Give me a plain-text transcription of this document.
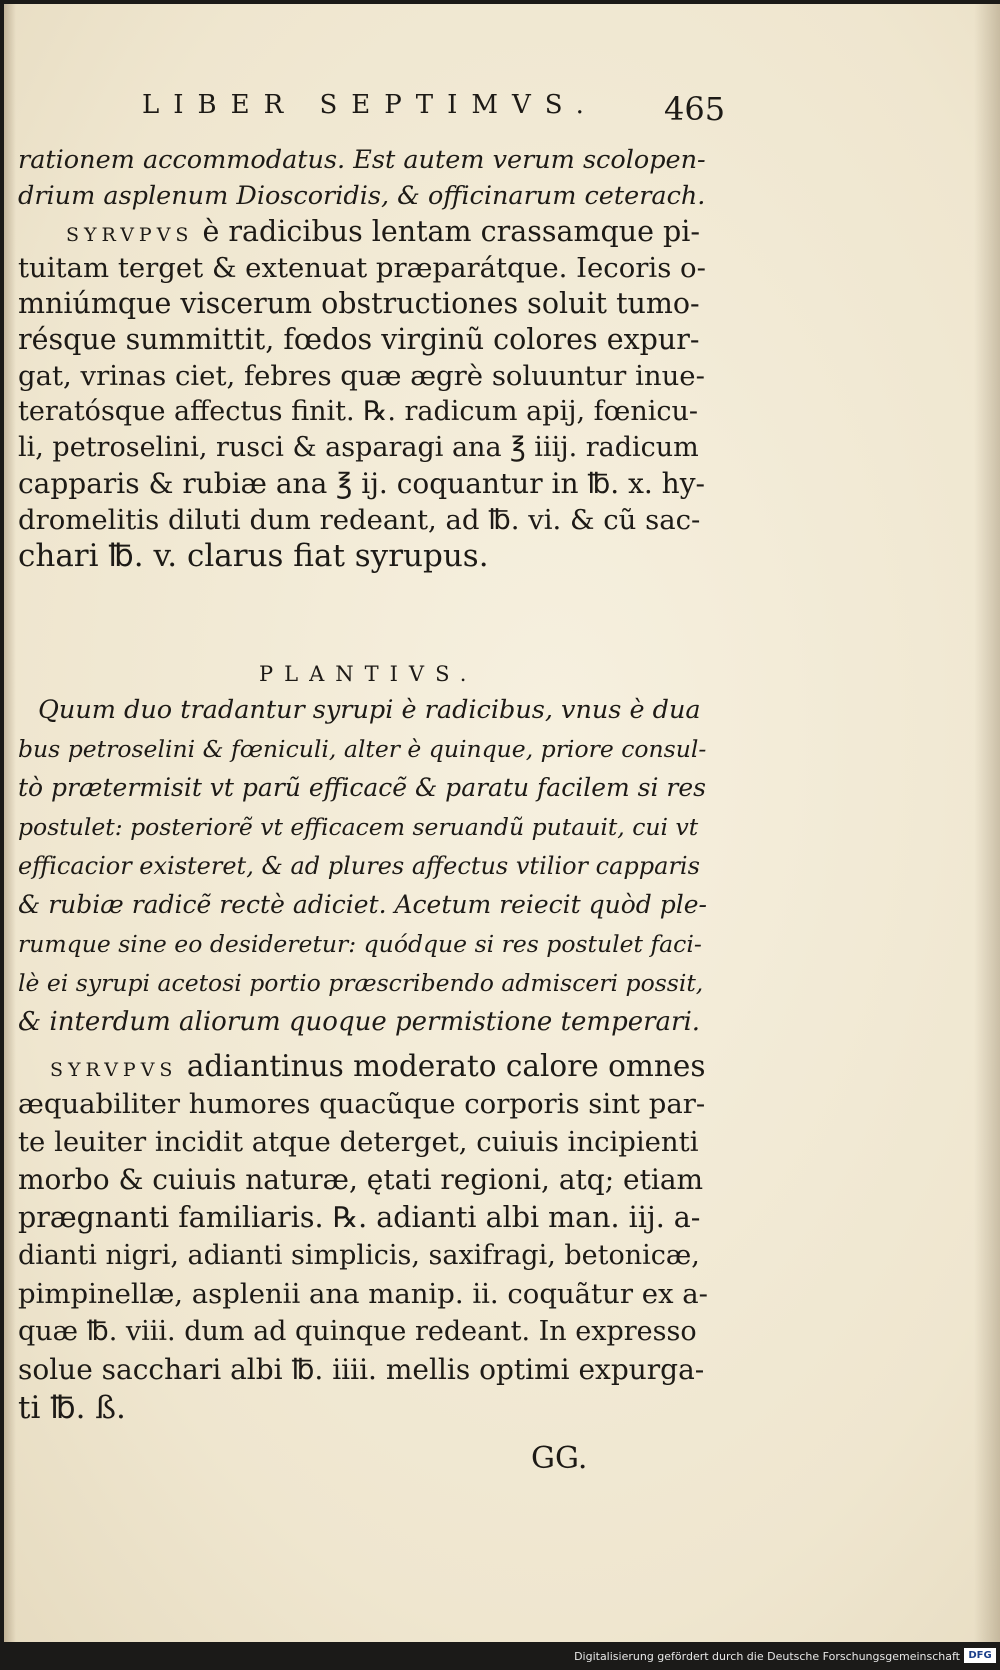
LIBER SEPTIMVS.	465
rationem accommodatus. Est autem verum scolopen-
drium asplenum Dioscoridis, & officinarum ceterach.
SYRVPVS è radicibus lentam crassamque pi-
tuitam terget & extenuat præparátque. Iecoris o-
mniúmque viscerum obstructiones soluit tumo-
résque summittit, fœdos virginũ colores expur-
gat, vrinas ciet, febres quæ ægrè soluuntur inue-
teratósque affectus finit. ℞. radicum apij, fœnicu-
li, petroselini, rusci & asparagi ana ℥ iiij. radicum
capparis & rubiæ ana ℥ ij. coquantur in ℔. x. hy-
dromelitis diluti dum redeant, ad ℔. vi. & cũ sac-
chari ℔. v. clarus fiat syrupus.
Quum duo tradantur syrupi è radicibus, vnus è dua
bus petroselini & fœniculi, alter è quinque, priore consul-
tò prætermisit vt parũ efficacẽ & paratu facilem si res
postulet: posteriorẽ vt efficacem seruandũ putauit, cui vt
efficacior existeret, & ad plures affectus vtilior capparis
& rubiæ radicẽ rectè adiciet. Acetum reiecit quòd ple-
rumque sine eo desideretur: quódque si res postulet faci-
lè ei syrupi acetosi portio præscribendo admisceri possit,
& interdum aliorum quoque permistione temperari.
SYRVPVS adiantinus moderato calore omnes
æquabiliter humores quacũque corporis sint par-
te leuiter incidit atque deterget, cuiuis incipienti
morbo & cuiuis naturæ, ętati regioni, atq; etiam
prægnanti familiaris. ℞. adianti albi man. iij. a-
dianti nigri, adianti simplicis, saxifragi, betonicæ,
pimpinellæ, asplenii ana manip. ii. coquãtur ex a-
quæ ℔. viii. dum ad quinque redeant. In expresso
solue sacchari albi ℔. iiii. mellis optimi expurga-
ti ℔. ß.
PLANTIVS.
GG.
Digitalisierung gefördert durch die Deutsche Forschungsgemeinschaft DFG
